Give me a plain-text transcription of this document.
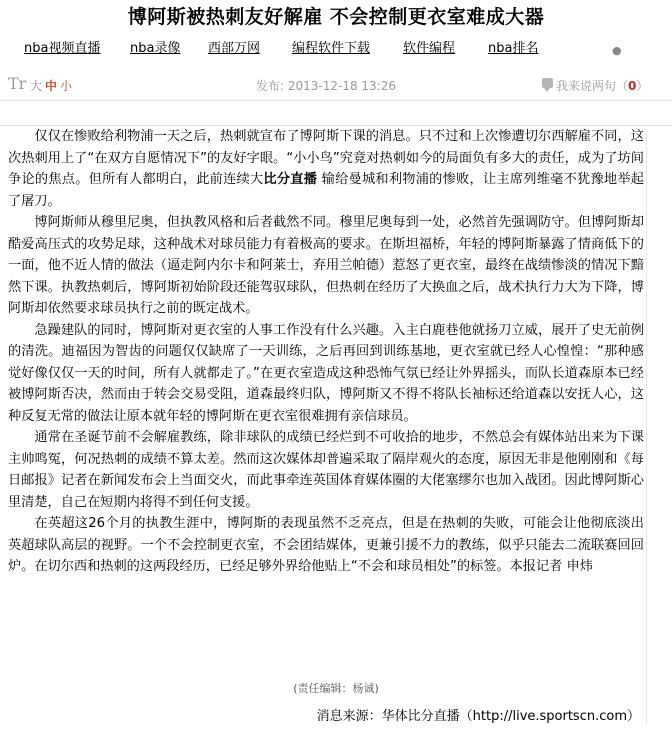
博阿斯被热刺友好解雇 不会控制更衣室难成大器
nba视频直播 nba录像 西部万网 编程软件下载	软件编程	nba排名	●
Tr 大 中 小	发布: 2013-12-18 13:26	我来说两句（0）

仅仅在惨败给利物浦一天之后，热刺就宣布了博阿斯下课的消息。只不过和上次惨遭切尔西解雇不同，这次热刺用上了“在双方自愿情况下”的友好字眼。“小小鸟”究竟对热刺如今的局面负有多大的责任，成为了坊间争论的焦点。但所有人都明白，此前连续大比分直播 输给曼城和利物浦的惨败，让主席列维毫不犹豫地举起了屠刀。

博阿斯师从穆里尼奥，但执教风格和后者截然不同。穆里尼奥每到一处，必然首先强调防守。但博阿斯却酷爱高压式的攻势足球，这种战术对球员能力有着极高的要求。在斯坦福桥，年轻的博阿斯暴露了情商低下的一面，他不近人情的做法（逼走阿内尔卡和阿莱士，弃用兰帕德）惹怒了更衣室，最终在战绩惨淡的情况下黯然下课。执教热刺后，博阿斯初始阶段还能驾驭球队，但热刺在经历了大换血之后，战术执行力大为下降，博阿斯却依然要求球员执行之前的既定战术。

急躁建队的同时，博阿斯对更衣室的人事工作没有什么兴趣。入主白鹿巷他就扬刀立威，展开了史无前例的清洗。迪福因为智齿的问题仅仅缺席了一天训练，之后再回到训练基地，更衣室就已经人心惶惶：“那种感觉好像仅仅一天的时间，所有人就都走了。”在更衣室造成这种恐怖气氛已经让外界摇头，而队长道森原本已经被博阿斯否决，然而由于转会交易受阻，道森最终归队，博阿斯又不得不将队长袖标还给道森以安抚人心，这种反复无常的做法让原本就年轻的博阿斯在更衣室很难拥有亲信球员。

通常在圣诞节前不会解雇教练，除非球队的成绩已经烂到不可收拾的地步，不然总会有媒体站出来为下课主帅鸣冤，何况热刺的成绩不算太差。然而这次媒体却普遍采取了隔岸观火的态度，原因无非是他刚刚和《每日邮报》记者在新闻发布会上当面交火，而此事牵连英国体育媒体圈的大佬塞缪尔也加入战团。因此博阿斯心里清楚，自己在短期内将得不到任何支援。

在英超这26个月的执教生涯中，博阿斯的表现虽然不乏亮点，但是在热刺的失败，可能会让他彻底淡出英超球队高层的视野。一个不会控制更衣室，不会团结媒体，更兼引援不力的教练，似乎只能去二流联赛回回炉。在切尔西和热刺的这两段经历，已经足够外界给他贴上“不会和球员相处”的标签。本报记者 申炜

(责任编辑：杨诚)
消息来源：华体比分直播（http://live.sportscn.com）
